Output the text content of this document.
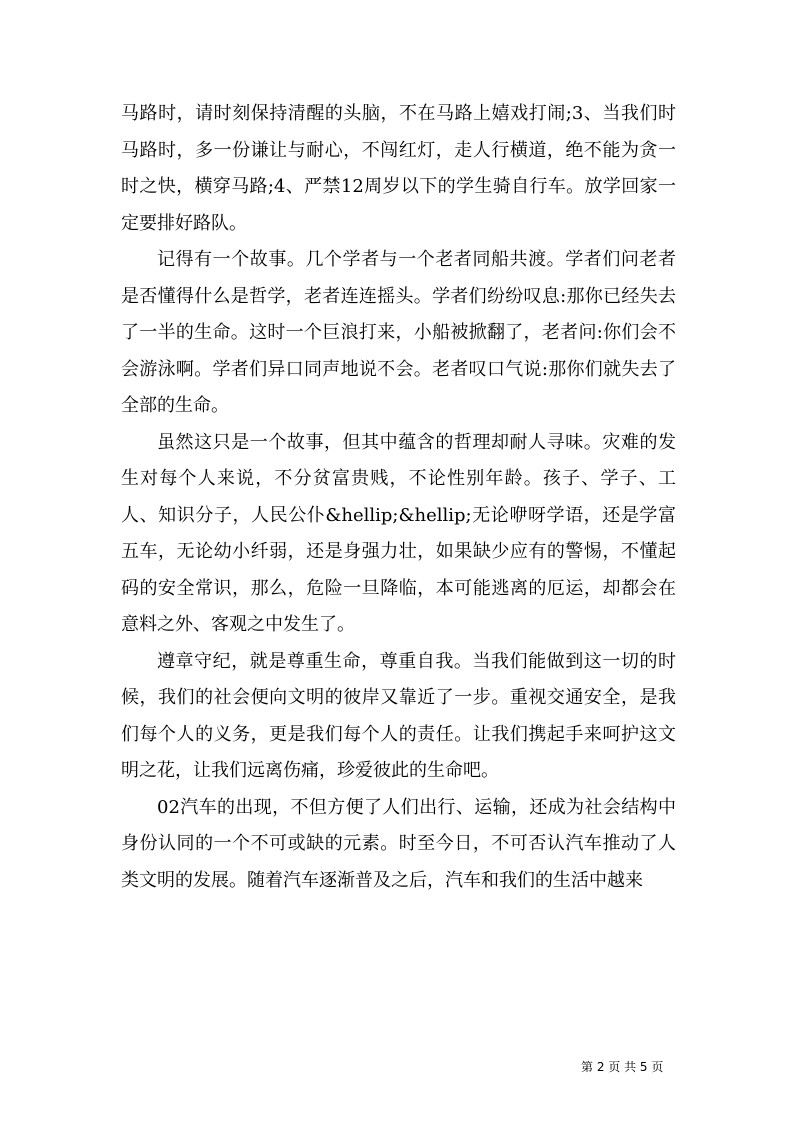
马路时，请时刻保持清醒的头脑，不在马路上嬉戏打闹;3、当我们时马路时，多一份谦让与耐心，不闯红灯，走人行横道，绝不能为贪一时之快，横穿马路;4、严禁12周岁以下的学生骑自行车。放学回家一定要排好路队。

记得有一个故事。几个学者与一个老者同船共渡。学者们问老者是否懂得什么是哲学，老者连连摇头。学者们纷纷叹息:那你已经失去了一半的生命。这时一个巨浪打来，小船被掀翻了，老者问:你们会不会游泳啊。学者们异口同声地说不会。老者叹口气说:那你们就失去了全部的生命。

虽然这只是一个故事，但其中蕴含的哲理却耐人寻味。灾难的发生对每个人来说，不分贫富贵贱，不论性别年龄。孩子、学子、工人、知识分子，人民公仆&hellip;&hellip;无论咿呀学语，还是学富五车，无论幼小纤弱，还是身强力壮，如果缺少应有的警惕，不懂起码的安全常识，那么，危险一旦降临，本可能逃离的厄运，却都会在意料之外、客观之中发生了。

遵章守纪，就是尊重生命，尊重自我。当我们能做到这一切的时候，我们的社会便向文明的彼岸又靠近了一步。重视交通安全，是我们每个人的义务，更是我们每个人的责任。让我们携起手来呵护这文明之花，让我们远离伤痛，珍爱彼此的生命吧。

02汽车的出现，不但方便了人们出行、运输，还成为社会结构中身份认同的一个不可或缺的元素。时至今日，不可否认汽车推动了人类文明的发展。随着汽车逐渐普及之后，汽车和我们的生活中越来

第 2 页 共 5 页
